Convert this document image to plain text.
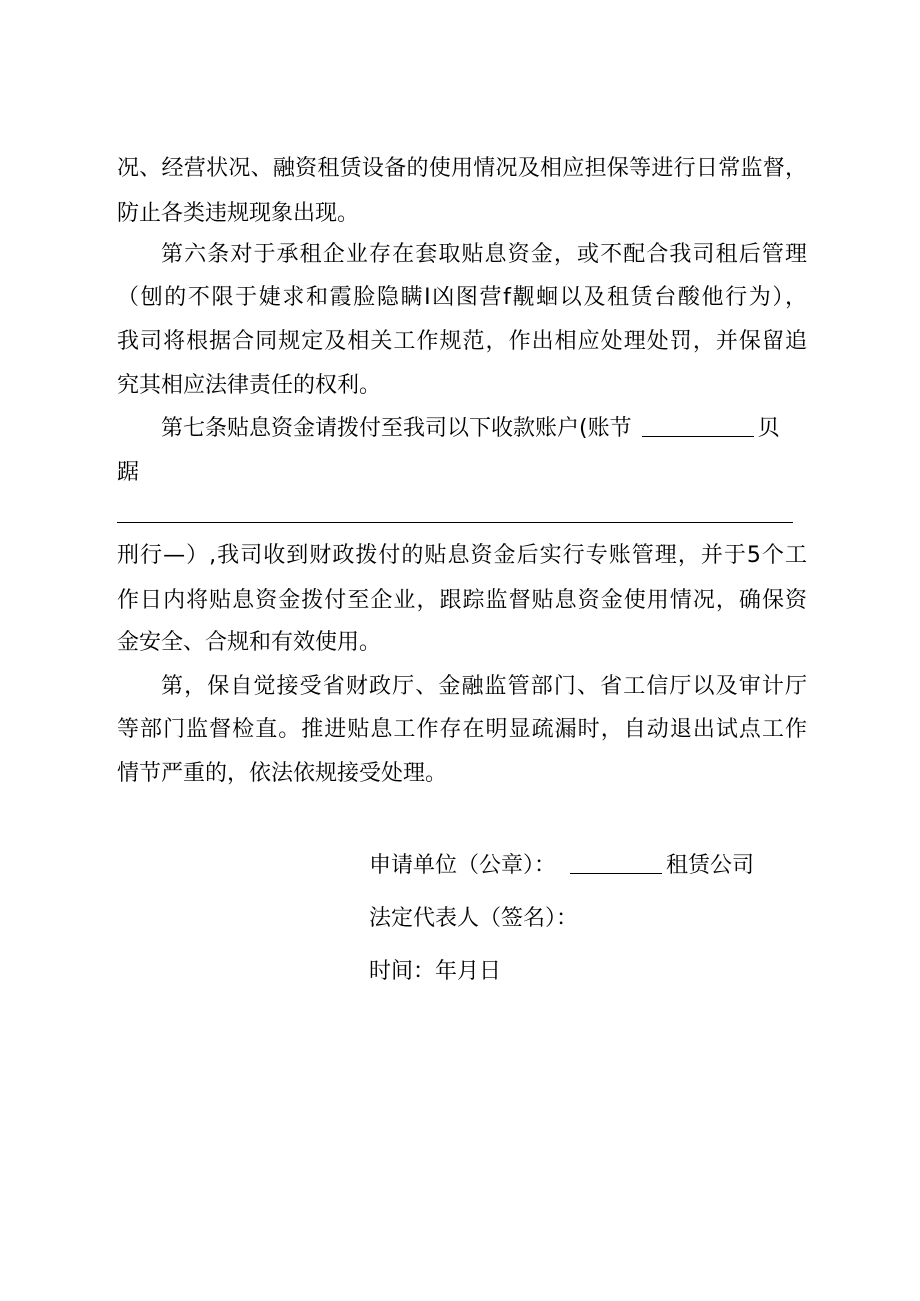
况、经营状况、融资租赁设备的使用情况及相应担保等进行日常监督，
防止各类违规现象出现。
第六条对于承租企业存在套取贴息资金，或不配合我司租后管理
（刨的不限于婕求和霞脸隐瞒I凶图营f觏蛔以及租赁台酸他行为），
我司将根据合同规定及相关工作规范，作出相应处理处罚，并保留追
究其相应法律责任的权利。
第七条贴息资金请拨付至我司以下收款账户(账节	贝
踞
刑行—）,我司收到财政拨付的贴息资金后实行专账管理，并于5个工
作日内将贴息资金拨付至企业，跟踪监督贴息资金使用情况，确保资
金安全、合规和有效使用。
第，保自觉接受省财政厅、金融监管部门、省工信厅以及审计厅
等部门监督检直。推进贴息工作存在明显疏漏时，自动退出试点工作
情节严重的，依法依规接受处理。
申请单位（公章）：	租赁公司
法定代表人（签名）：
时间：年月日
